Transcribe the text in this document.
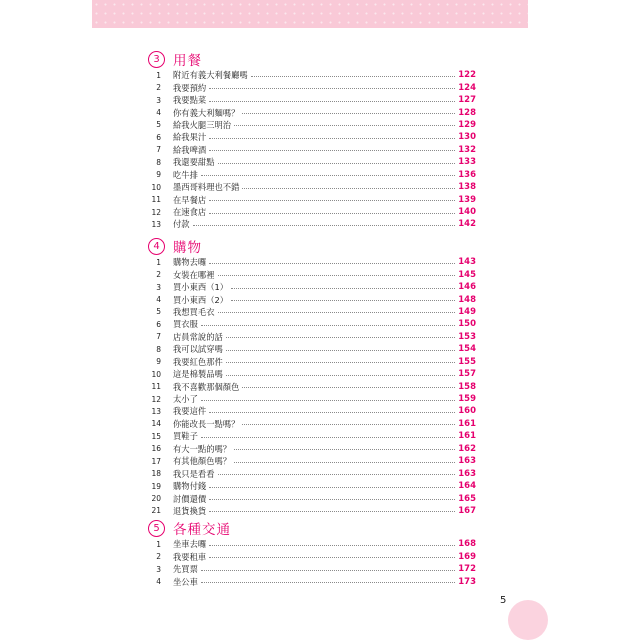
3 用餐
1 附近有義大利餐廳嗎	122
2 我要預約	124
3 我要點菜	127
4 你有義大利麵嗎？	128
5 給我火腿三明治	129
6 給我果汁	130
7 給我啤酒	132
8 我還要甜點	133
9 吃牛排	136
10 墨西哥料理也不錯	138
11 在早餐店	139
12 在速食店	140
13 付款	142
4 購物
1 購物去囉	143
2 女裝在哪裡	145
3 買小東西（1）	146
4 買小東西（2）	148
5 我想買毛衣	149
6 買衣服	150
7 店員常說的話	153
8 我可以試穿嗎	154
9 我要紅色那件	155
10 這是棉製品嗎	157
11 我不喜歡那個顏色	158
12 太小了	159
13 我要這件	160
14 你能改長一點嗎？	161
15 買鞋子	161
16 有大一點的嗎？	162
17 有其他顏色嗎？	163
18 我只是看看	163
19 購物付錢	164
20 討價還價	165
21 退貨換貨	167
5 各種交通
1 坐車去囉	168
2 我要租車	169
3 先買票	172
4 坐公車	173
5
